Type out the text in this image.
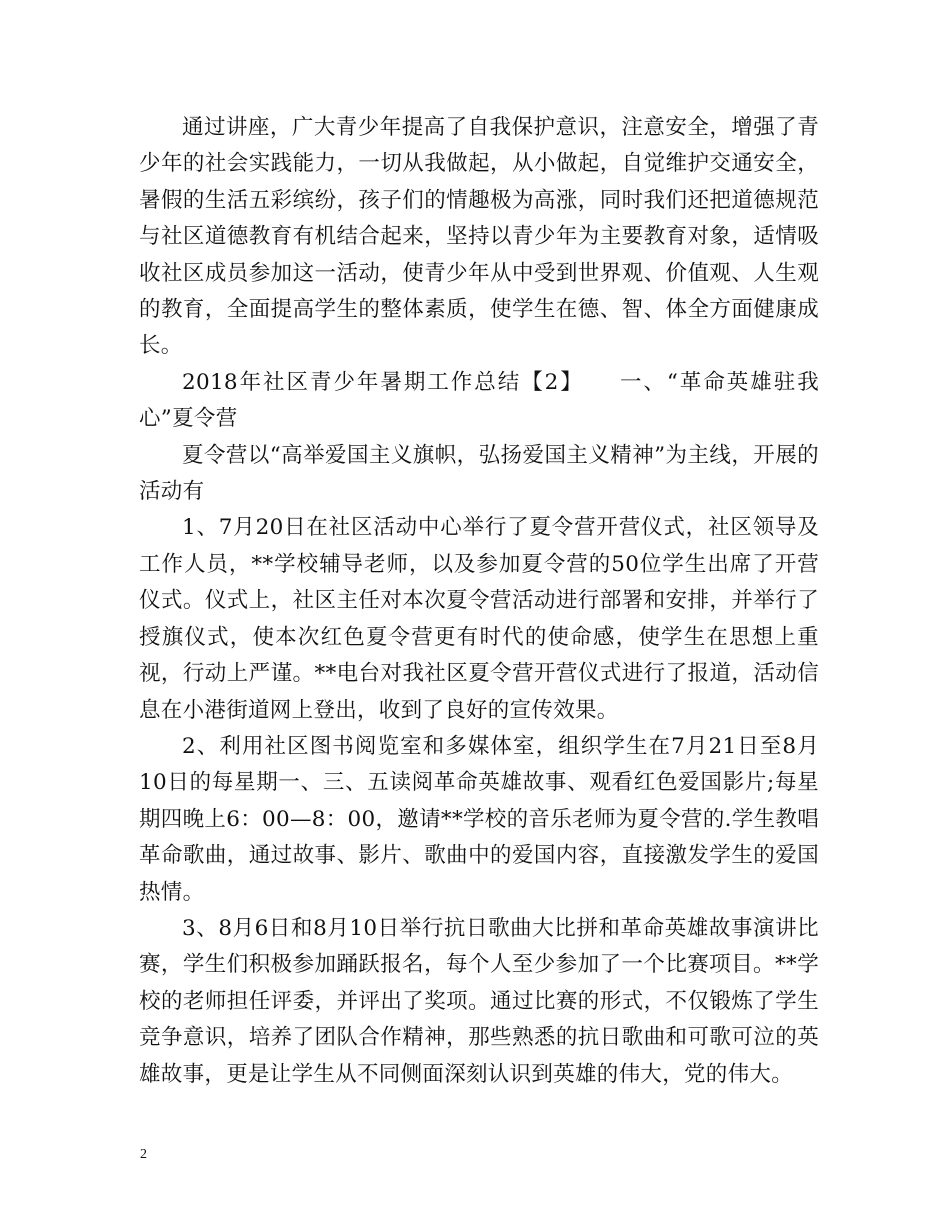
通过讲座，广大青少年提高了自我保护意识，注意安全，增强了青少年的社会实践能力，一切从我做起，从小做起，自觉维护交通安全，暑假的生活五彩缤纷，孩子们的情趣极为高涨，同时我们还把道德规范与社区道德教育有机结合起来，坚持以青少年为主要教育对象，适情吸收社区成员参加这一活动，使青少年从中受到世界观、价值观、人生观的教育，全面提高学生的整体素质，使学生在德、智、体全方面健康成长。

2018年社区青少年暑期工作总结【2】　　一、“革命英雄驻我心”夏令营

夏令营以“高举爱国主义旗帜，弘扬爱国主义精神”为主线，开展的活动有

1、7月20日在社区活动中心举行了夏令营开营仪式，社区领导及工作人员，**学校辅导老师，以及参加夏令营的50位学生出席了开营仪式。仪式上，社区主任对本次夏令营活动进行部署和安排，并举行了授旗仪式，使本次红色夏令营更有时代的使命感，使学生在思想上重视，行动上严谨。**电台对我社区夏令营开营仪式进行了报道，活动信息在小港街道网上登出，收到了良好的宣传效果。

2、利用社区图书阅览室和多媒体室，组织学生在7月21日至8月10日的每星期一、三、五读阅革命英雄故事、观看红色爱国影片;每星期四晚上6：00—8：00，邀请**学校的音乐老师为夏令营的.学生教唱革命歌曲，通过故事、影片、歌曲中的爱国内容，直接激发学生的爱国热情。

3、8月6日和8月10日举行抗日歌曲大比拼和革命英雄故事演讲比赛，学生们积极参加踊跃报名，每个人至少参加了一个比赛项目。**学校的老师担任评委，并评出了奖项。通过比赛的形式，不仅锻炼了学生竞争意识，培养了团队合作精神，那些熟悉的抗日歌曲和可歌可泣的英雄故事，更是让学生从不同侧面深刻认识到英雄的伟大，党的伟大。

2
